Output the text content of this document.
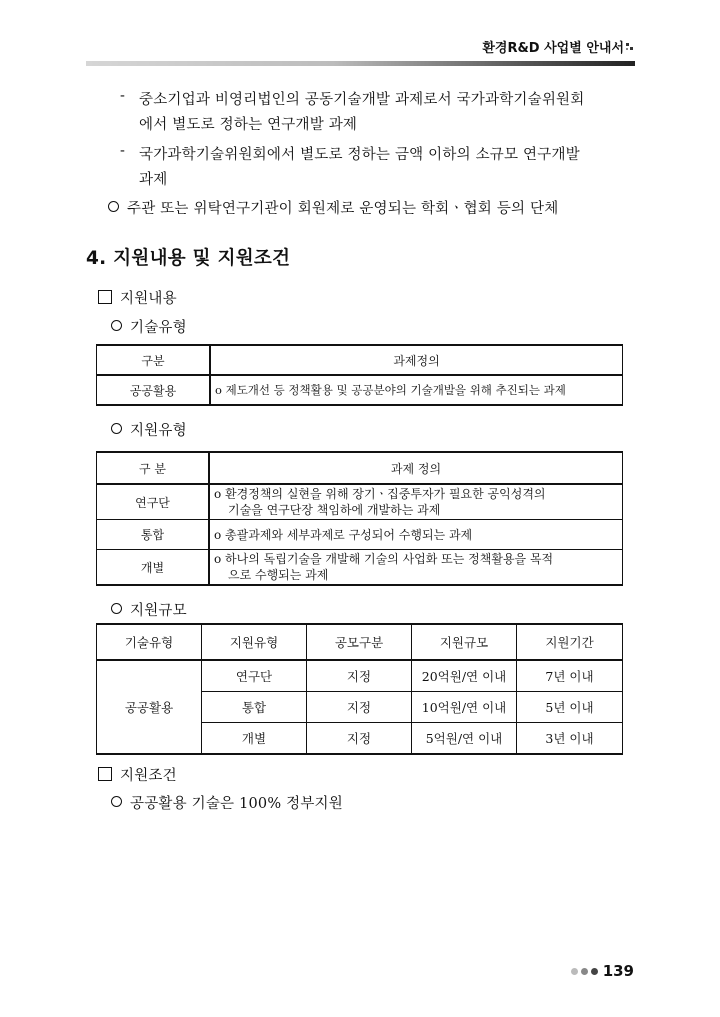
환경R&D 사업별 안내서
- 중소기업과 비영리법인의 공동기술개발 과제로서 국가과학기술위원회
에서 별도로 정하는 연구개발 과제
- 국가과학기술위원회에서 별도로 정하는 금액 이하의 소규모 연구개발
과제
주관 또는 위탁연구기관이 회원제로 운영되는 학회ㆍ협회 등의 단체
4. 지원내용 및 지원조건
지원내용
기술유형
구분	과제정의
공공활용	o 제도개선 등 정책활용 및 공공분야의 기술개발을 위해 추진되는 과제
지원유형
구 분	과제 정의
연구단	o 환경정책의 실현을 위해 장기ㆍ집중투자가 필요한 공익성격의
기술을 연구단장 책임하에 개발하는 과제

통합	o 총괄과제와 세부과제로 구성되어 수행되는 과제
개별	o 하나의 독립기술을 개발해 기술의 사업화 또는 정책활용을 목적
으로 수행되는 과제
지원규모
기술유형	지원유형	공모구분	지원규모	지원기간
공공활용	연구단	지정	20억원/연 이내	7년 이내
	통합	지정	10억원/연 이내	5년 이내
	개별	지정	5억원/연 이내	3년 이내
지원조건
공공활용 기술은 100% 정부지원
139
